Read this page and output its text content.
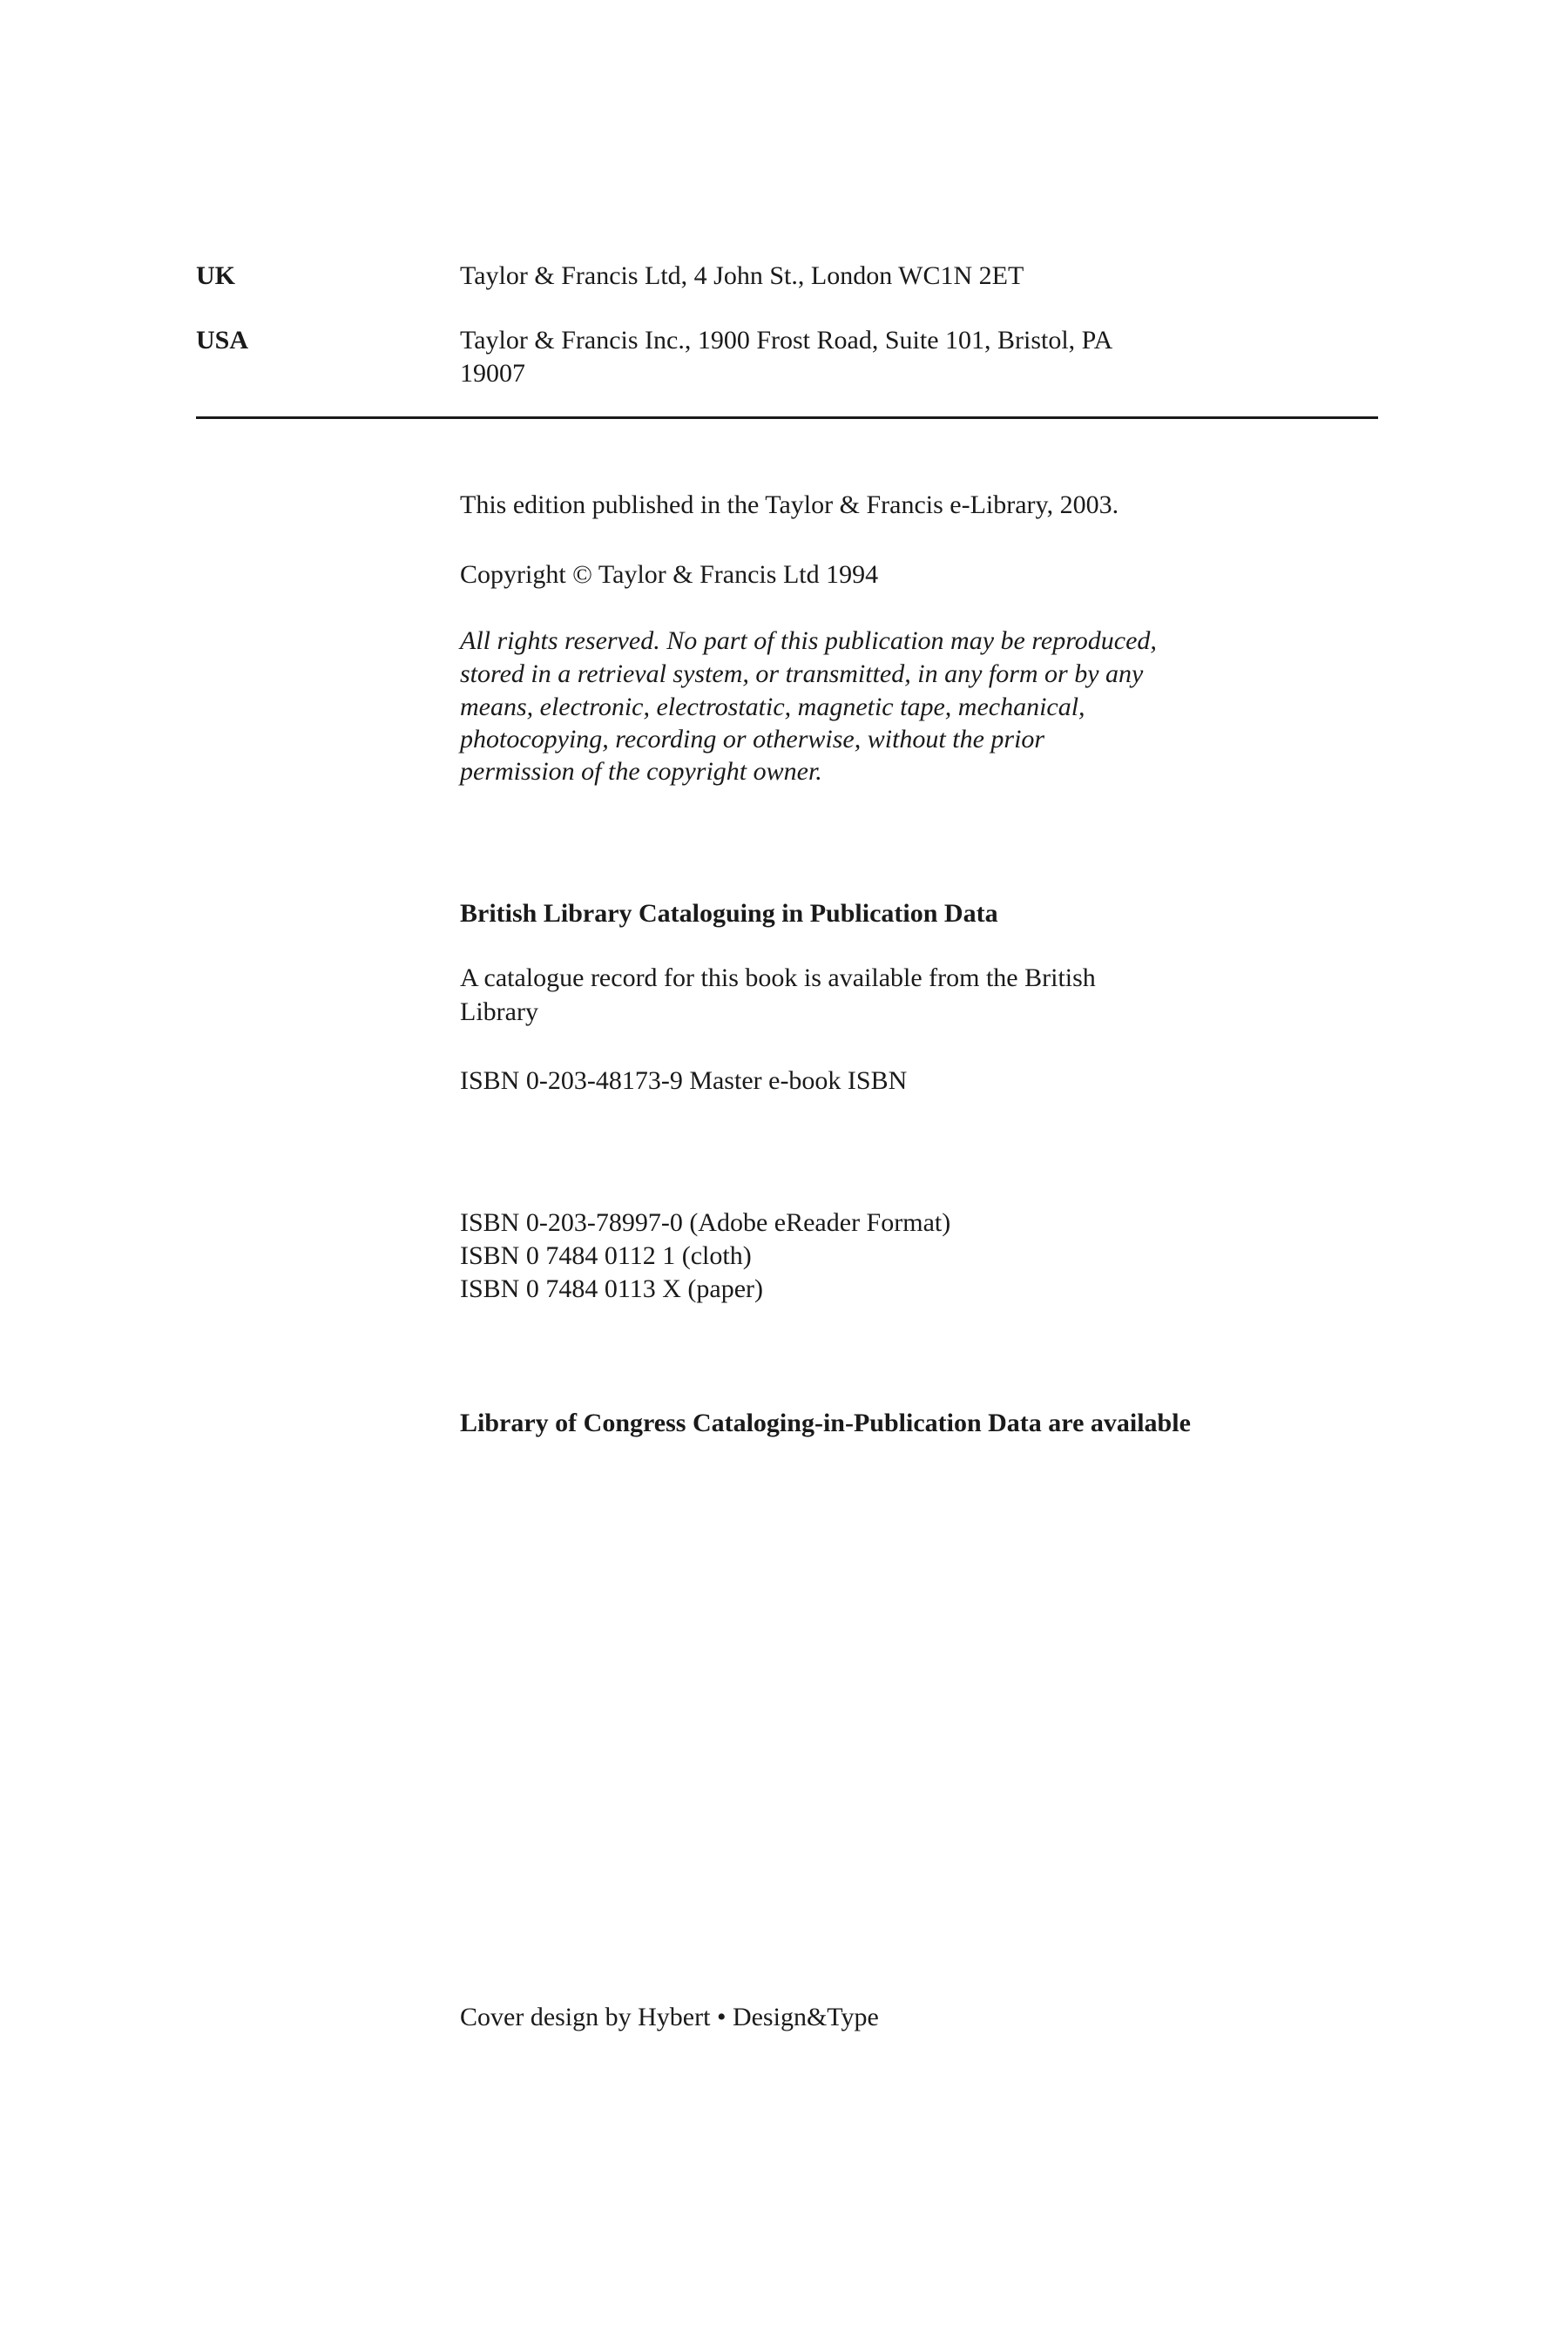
UK	Taylor & Francis Ltd, 4 John St., London WC1N 2ET
USA	Taylor & Francis Inc., 1900 Frost Road, Suite 101, Bristol, PA
19007
This edition published in the Taylor & Francis e-Library, 2003.
Copyright © Taylor & Francis Ltd 1994
All rights reserved. No part of this publication may be reproduced,
stored in a retrieval system, or transmitted, in any form or by any
means, electronic, electrostatic, magnetic tape, mechanical,
photocopying, recording or otherwise, without the prior
permission of the copyright owner.
British Library Cataloguing in Publication Data
A catalogue record for this book is available from the British
Library
ISBN 0-203-48173-9 Master e-book ISBN
ISBN 0-203-78997-0 (Adobe eReader Format)
ISBN 0 7484 0112 1 (cloth)
ISBN 0 7484 0113 X (paper)
Library of Congress Cataloging-in-Publication Data are available
Cover design by Hybert • Design&Type
